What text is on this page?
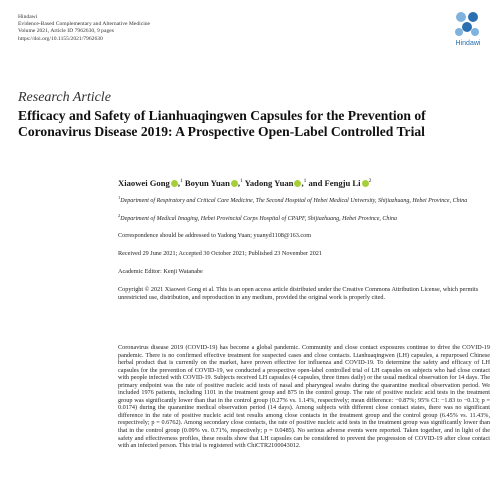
Hindawi
Evidence-Based Complementary and Alternative Medicine
Volume 2021, Article ID 7962630, 9 pages
https://doi.org/10.1155/2021/7962630
Hindawi
Research Article
Efficacy and Safety of Lianhuaqingwen Capsules for the Prevention of Coronavirus Disease 2019: A Prospective Open-Label Controlled Trial
Xiaowei Gong ,$^1$ Boyun Yuan ,$^1$ Yadong Yuan ,$^1$ and Fengju Li $^2$
$^1$Department of Respiratory and Critical Care Medicine, The Second Hospital of Hebei Medical University, Shijiazhuang, Hebei Province, China
$^2$Department of Medical Imaging, Hebei Provincial Corps Hospital of CPAPF, Shijiazhuang, Hebei Province, China
Correspondence should be addressed to Yadong Yuan; yuanyd1108@163.com
Received 29 June 2021; Accepted 30 October 2021; Published 23 November 2021
Academic Editor: Kenji Watanabe
Copyright © 2021 Xiaowei Gong et al. This is an open access article distributed under the Creative Commons Attribution License, which permits unrestricted use, distribution, and reproduction in any medium, provided the original work is properly cited.
Coronavirus disease 2019 (COVID-19) has become a global pandemic. Community and close contact exposures continue to drive the COVID-19 pandemic. There is no confirmed effective treatment for suspected cases and close contacts. Lianhuaqingwen (LH) capsules, a repurposed Chinese herbal product that is currently on the market, have proven effective for influenza and COVID-19. To determine the safety and efficacy of LH capsules for the prevention of COVID-19, we conducted a prospective open-label controlled trial of LH capsules on subjects who had close contact with people infected with COVID-19. Subjects received LH capsules (4 capsules, three times daily) or the usual medical observation for 14 days. The primary endpoint was the rate of positive nucleic acid tests of nasal and pharyngeal swabs during the quarantine medical observation period. We included 1976 patients, including 1101 in the treatment group and 875 in the control group. The rate of positive nucleic acid tests in the treatment group was significantly lower than that in the control group (0.27% vs. 1.14%, respectively; mean difference: −0.87%; 95% CI: −1.83 to −0.13; p = 0.0174) during the quarantine medical observation period (14 days). Among subjects with different close contact states, there was no significant difference in the rate of positive nucleic acid test results among close contacts in the treatment group and the control group (6.45% vs. 11.43%, respectively; p = 0.6762). Among secondary close contacts, the rate of positive nucleic acid tests in the treatment group was significantly lower than that in the control group (0.09% vs. 0.71%, respectively; p = 0.0485). No serious adverse events were reported. Taken together, and in light of the safety and effectiveness profiles, these results show that LH capsules can be considered to prevent the progression of COVID-19 after close contact with an infected person. This trial is registered with ChiCTR2100043012.
